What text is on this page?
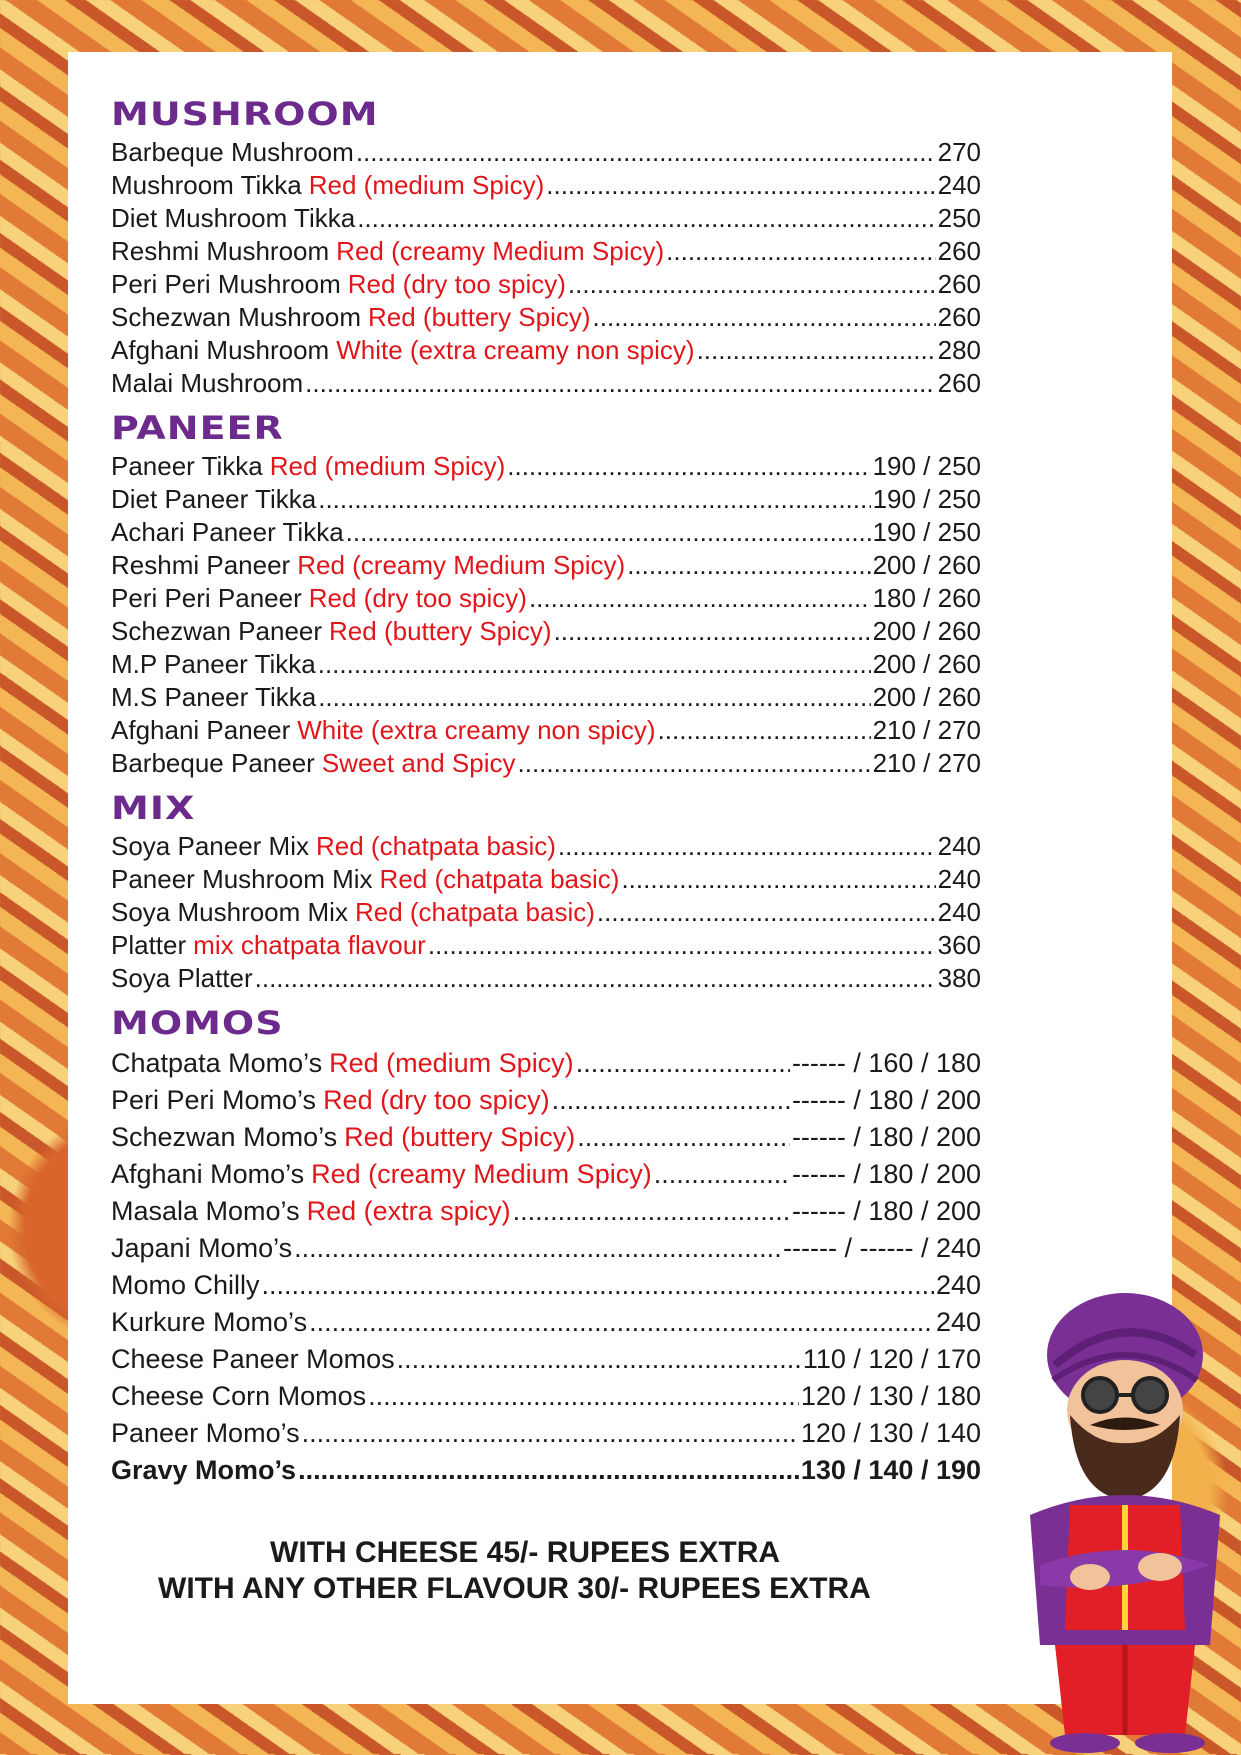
MUSHROOM
Barbeque Mushroom .....	270
Mushroom Tikka Red (medium Spicy) .....	240
Diet Mushroom Tikka .....	250
Reshmi Mushroom Red (creamy Medium Spicy) .....	260
Peri Peri Mushroom Red (dry too spicy) .....	260
Schezwan Mushroom Red (buttery Spicy) .....	260
Afghani Mushroom White (extra creamy non spicy) .....	280
Malai Mushroom .....	260
PANEER
Paneer Tikka Red (medium Spicy) .....	190 / 250
Diet Paneer Tikka .....	190 / 250
Achari Paneer Tikka .....	190 / 250
Reshmi Paneer Red (creamy Medium Spicy) .....	200 / 260
Peri Peri Paneer Red (dry too spicy) .....	180 / 260
Schezwan Paneer Red (buttery Spicy) .....	200 / 260
M.P Paneer Tikka .....	200 / 260
M.S Paneer Tikka .....	200 / 260
Afghani Paneer White (extra creamy non spicy) .....	210 / 270
Barbeque Paneer Sweet and Spicy .....	210 / 270
MIX
Soya Paneer Mix Red (chatpata basic) .....	240
Paneer Mushroom Mix Red (chatpata basic) .....	240
Soya Mushroom Mix Red (chatpata basic) .....	240
Platter mix chatpata flavour .....	360
Soya Platter .....	380
MOMOS
Chatpata Momo’s Red (medium Spicy) .....	------ / 160 / 180
Peri Peri Momo’s Red (dry too spicy) .....	------ / 180 / 200
Schezwan Momo’s Red (buttery Spicy) .....	------ / 180 / 200
Afghani Momo’s Red (creamy Medium Spicy) .....	------ / 180 / 200
Masala Momo’s Red (extra spicy) .....	------ / 180 / 200
Japani Momo’s .....	------ / ------ / 240
Momo Chilly .....	240
Kurkure Momo’s .....	240
Cheese Paneer Momos .....	110 / 120 / 170
Cheese Corn Momos .....	120 / 130 / 180
Paneer Momo’s .....	120 / 130 / 140
Gravy Momo’s .....	130 / 140 / 190
WITH CHEESE 45/- RUPEES EXTRA
WITH ANY OTHER FLAVOUR 30/- RUPEES EXTRA
